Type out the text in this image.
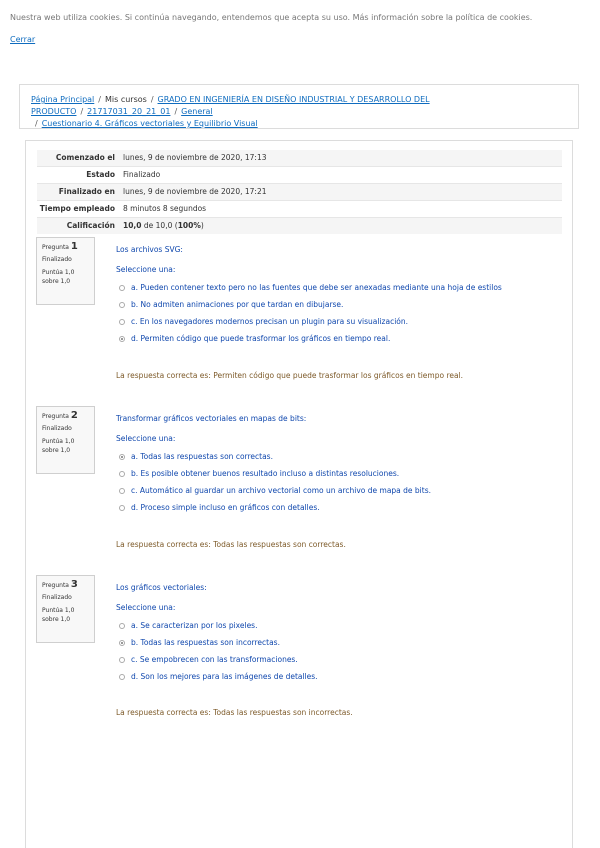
Nuestra web utiliza cookies. Si continúa navegando, entendemos que acepta su uso. Más información sobre la política de cookies.
Cerrar
Página Principal / Mis cursos / GRADO EN INGENIERÍA EN DISEÑO INDUSTRIAL Y DESARROLLO DEL PRODUCTO / 21717031_20_21_01 / General
/ Cuestionario 4. Gráficos vectoriales y Equilibrio Visual
Comenzado el	lunes, 9 de noviembre de 2020, 17:13
Estado	Finalizado
Finalizado en	lunes, 9 de noviembre de 2020, 17:21
Tiempo empleado	8 minutos 8 segundos
Calificación	10,0 de 10,0 (100%)
Pregunta 1
Finalizado
Puntúa 1,0
sobre 1,0
Los archivos SVG:
Seleccione una:
a. Pueden contener texto pero no las fuentes que debe ser anexadas mediante una hoja de estilos
b. No admiten animaciones por que tardan en dibujarse.
c. En los navegadores modernos precisan un plugin para su visualización.
d. Permiten código que puede trasformar los gráficos en tiempo real.
La respuesta correcta es: Permiten código que puede trasformar los gráficos en tiempo real.
Pregunta 2
Finalizado
Puntúa 1,0
sobre 1,0
Transformar gráficos vectoriales en mapas de bits:
Seleccione una:
a. Todas las respuestas son correctas.
b. Es posible obtener buenos resultado incluso a distintas resoluciones.
c. Automático al guardar un archivo vectorial como un archivo de mapa de bits.
d. Proceso simple incluso en gráficos con detalles.
La respuesta correcta es: Todas las respuestas son correctas.
Pregunta 3
Finalizado
Puntúa 1,0
sobre 1,0
Los gráficos vectoriales:
Seleccione una:
a. Se caracterizan por los pixeles.
b. Todas las respuestas son incorrectas.
c. Se empobrecen con las transformaciones.
d. Son los mejores para las imágenes de detalles.
La respuesta correcta es: Todas las respuestas son incorrectas.
